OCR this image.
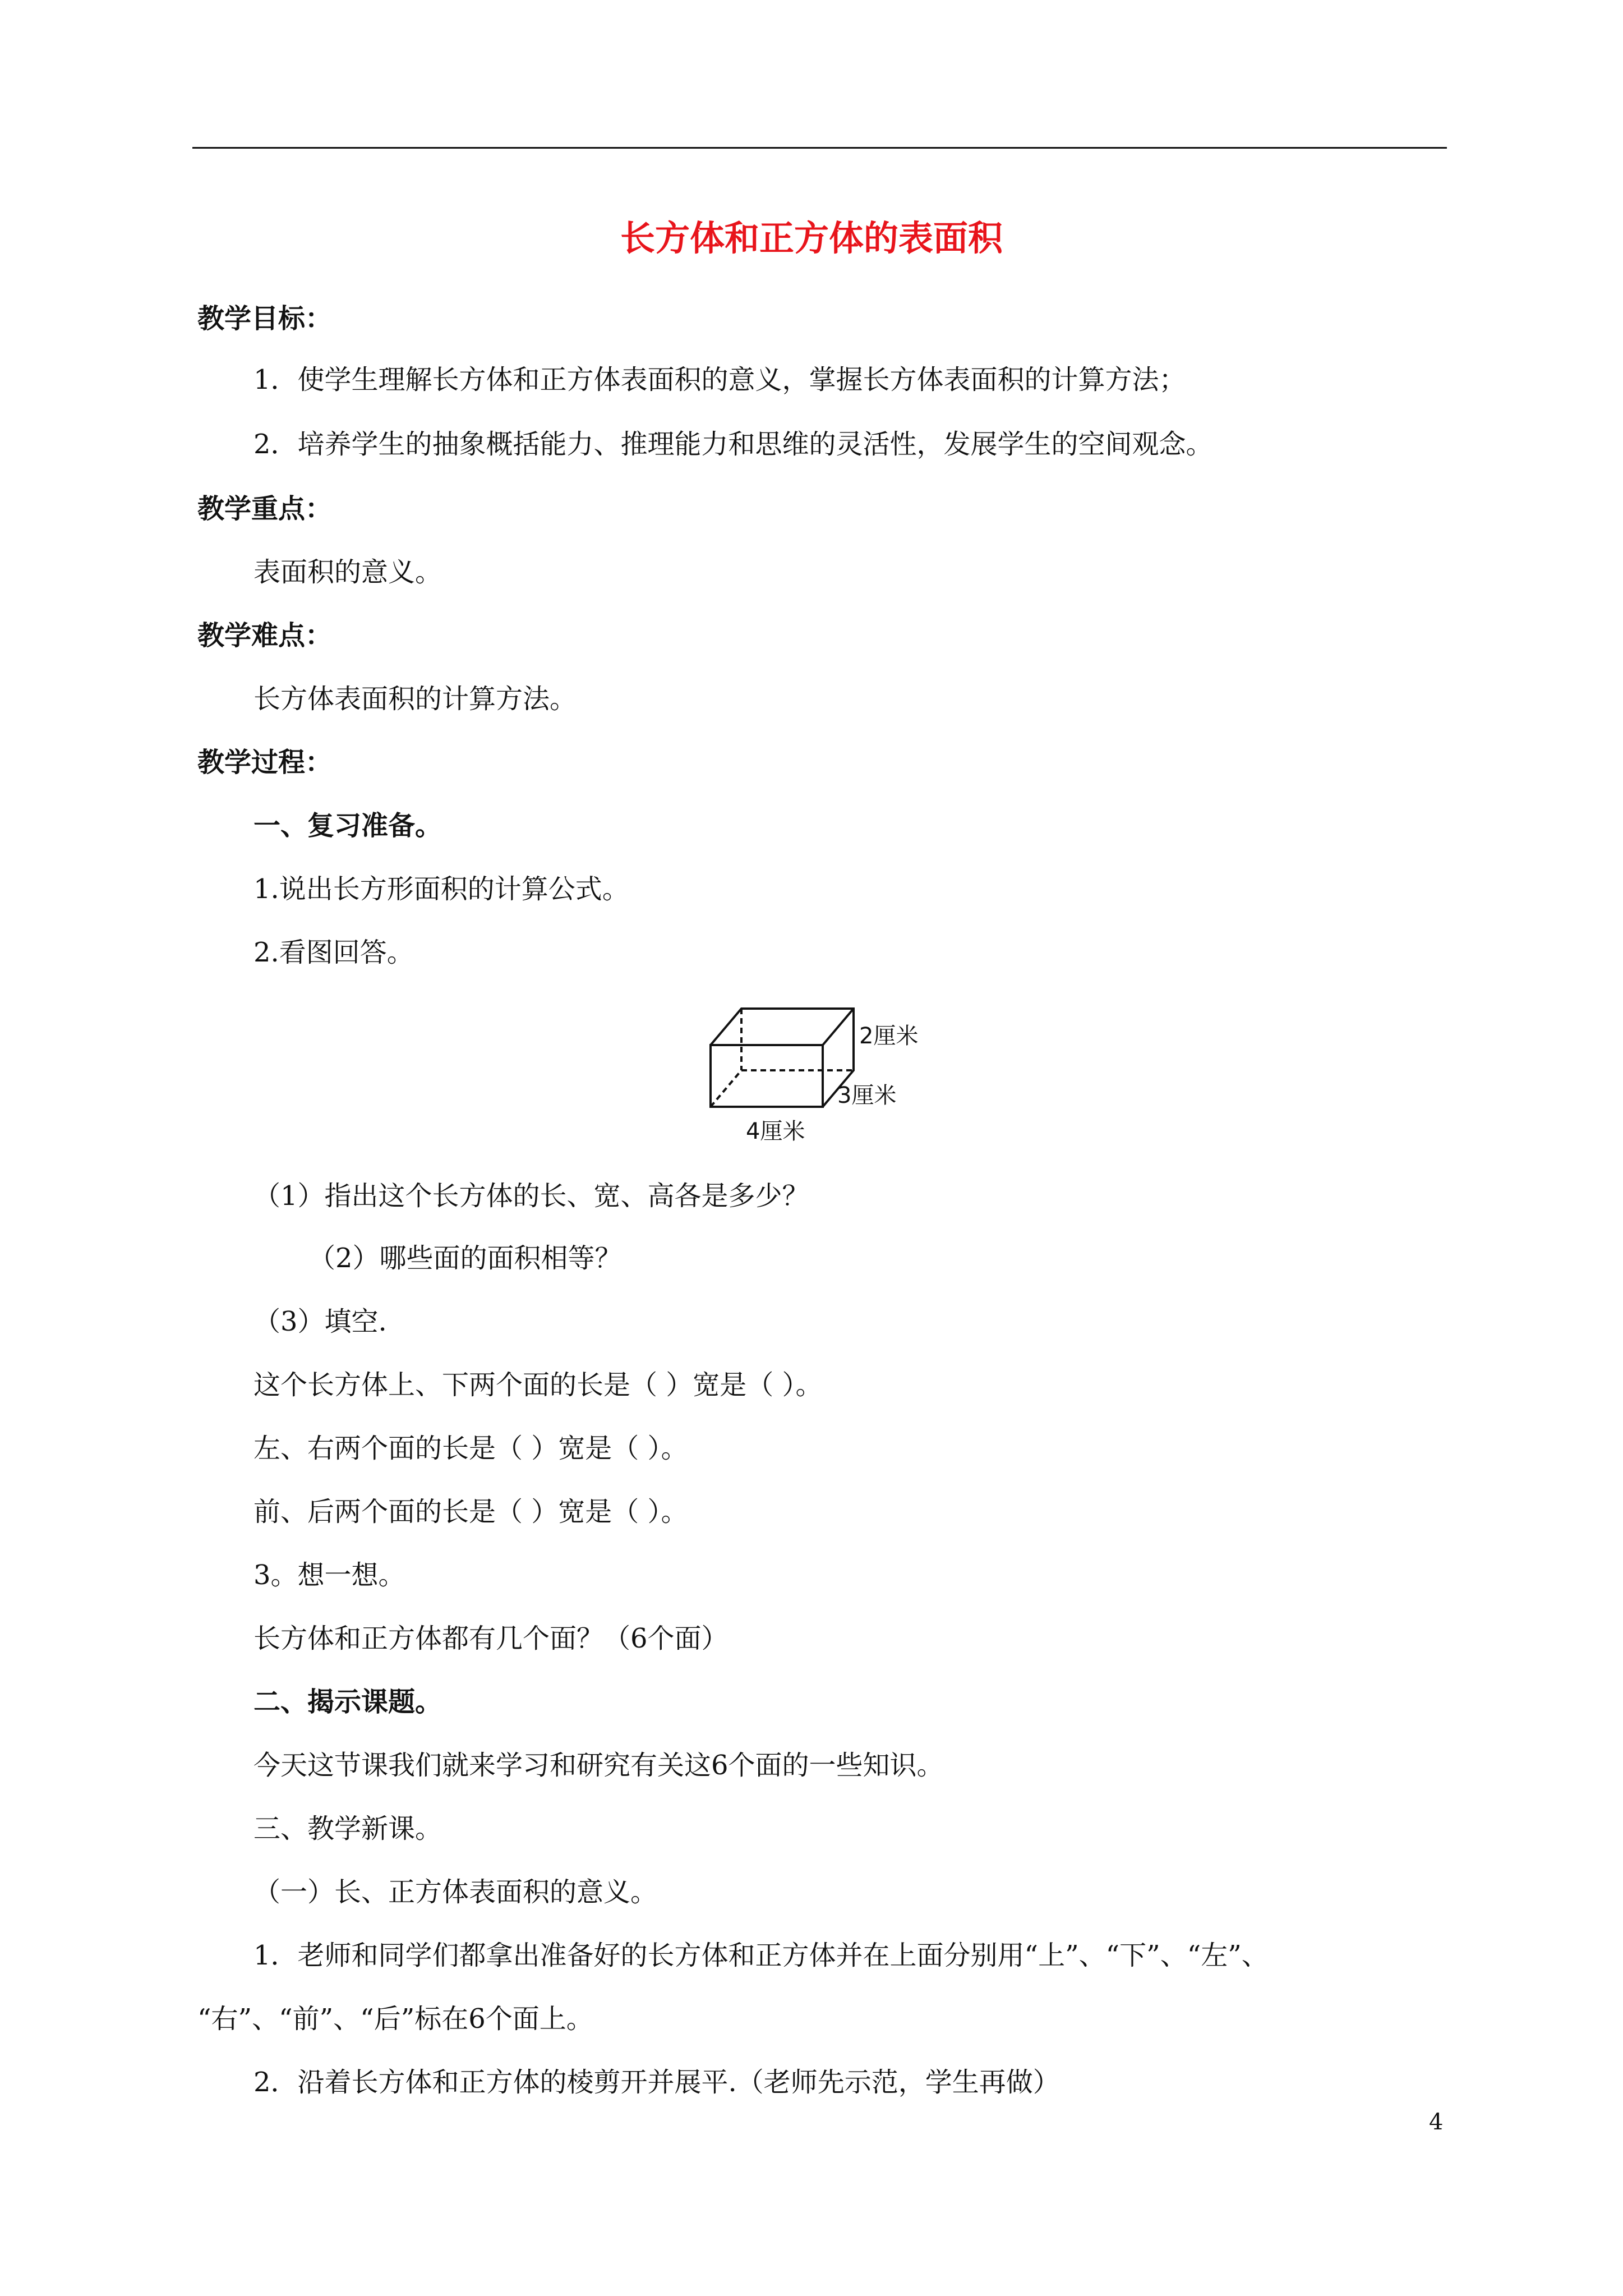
长方体和正方体的表面积
教学目标：
1．使学生理解长方体和正方体表面积的意义，掌握长方体表面积的计算方法；
2．培养学生的抽象概括能力、推理能力和思维的灵活性，发展学生的空间观念。
教学重点：
表面积的意义。
教学难点：
长方体表面积的计算方法。
教学过程：
一、复习准备。
1.说出长方形面积的计算公式。
2.看图回答。
2厘米
3厘米
4厘米
（1）指出这个长方体的长、宽、高各是多少？
（2）哪些面的面积相等？
（3）填空.
这个长方体上、下两个面的长是（ ）宽是（ ）。
左、右两个面的长是（ ）宽是（ ）。
前、后两个面的长是（ ）宽是（ ）。
3。想一想。
长方体和正方体都有几个面？（6个面）
二、揭示课题。
今天这节课我们就来学习和研究有关这6个面的一些知识。
三、教学新课。
（一）长、正方体表面积的意义。
1．老师和同学们都拿出准备好的长方体和正方体并在上面分别用“上”、“下”、“左”、
“右”、“前”、“后”标在6个面上。
2．沿着长方体和正方体的棱剪开并展平.（老师先示范，学生再做）
4
